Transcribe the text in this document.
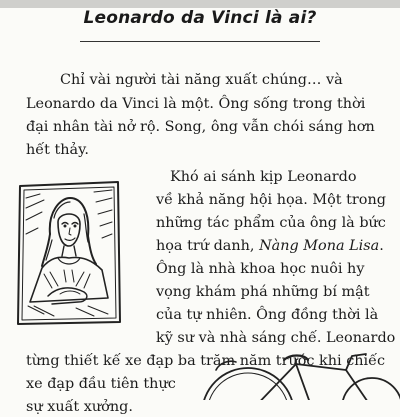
Leonardo da Vinci là ai?
Chỉ vài người tài năng xuất chúng… và
Leonardo da Vinci là một. Ông sống trong thời
đại nhân tài nở rộ. Song, ông vẫn chói sáng hơn
hết thảy.
Khó ai sánh kịp Leonardo
về khả năng hội họa. Một trong
những tác phẩm của ông là bức
họa trứ danh, Nàng Mona Lisa.
Ông là nhà khoa học nuôi hy
vọng khám phá những bí mật
của tự nhiên. Ông đồng thời là
kỹ sư và nhà sáng chế. Leonardo
từng thiết kế xe đạp ba trăm năm trước khi chiếc
xe đạp đầu tiên thực
sự xuất xưởng.
